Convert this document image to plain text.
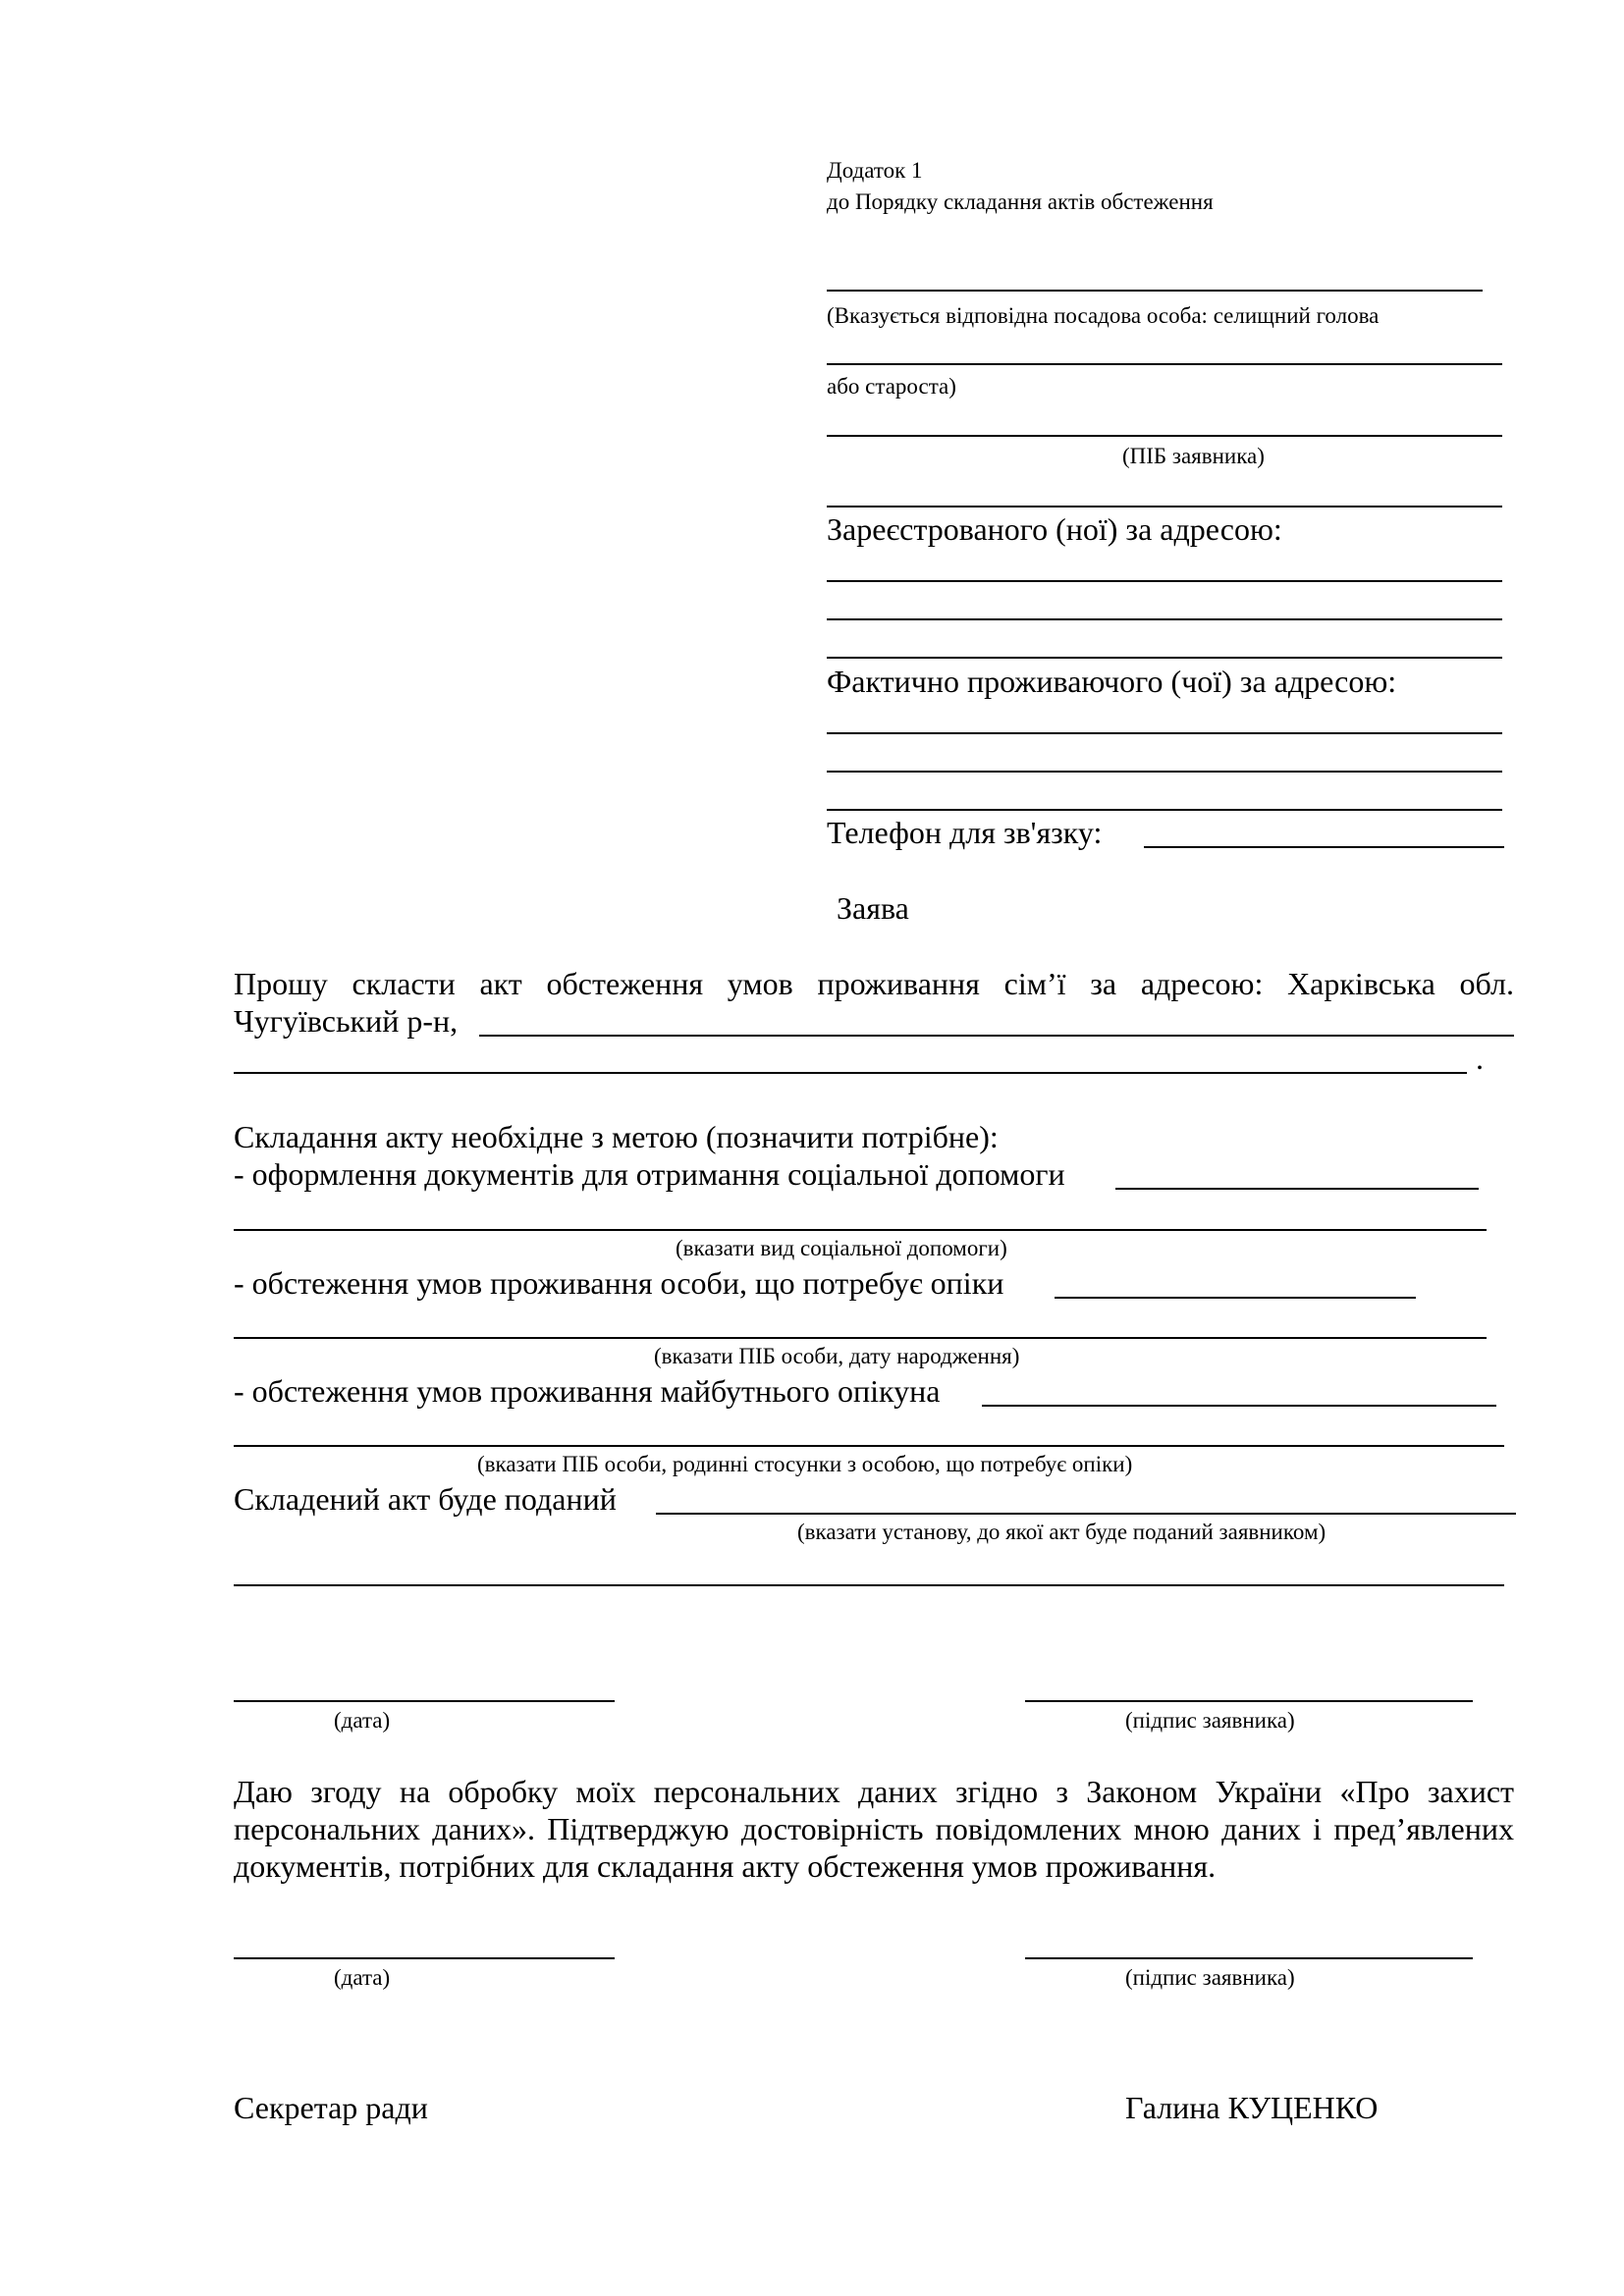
Додаток 1
до Порядку складання актів обстеження
(Вказується відповідна посадова особа: селищний голова
або староста)
(ПІБ заявника)
Зареєстрованого (ної) за адресою:
Фактично проживаючого (чої) за адресою:
Телефон для зв'язку:
Заява
Прошу скласти акт обстеження умов проживання сім’ї за адресою: Харківська обл.
Чугуївський р-н,
.
Складання акту необхідне з метою (позначити потрібне):
- оформлення документів для отримання соціальної допомоги
(вказати вид соціальної допомоги)
- обстеження умов проживання особи, що потребує опіки
(вказати ПІБ особи, дату народження)
- обстеження умов проживання майбутнього опікуна
(вказати ПІБ особи, родинні стосунки з особою, що потребує опіки)
Складений акт буде поданий
(вказати установу, до якої акт буде поданий заявником)
(дата)	(підпис заявника)
Даю згоду на обробку моїх персональних даних згідно з Законом України «Про захист персональних даних». Підтверджую достовірність повідомлених мною даних і пред’явлених документів, потрібних для складання акту обстеження умов проживання.
(дата)	(підпис заявника)
Секретар ради	Галина КУЦЕНКО
